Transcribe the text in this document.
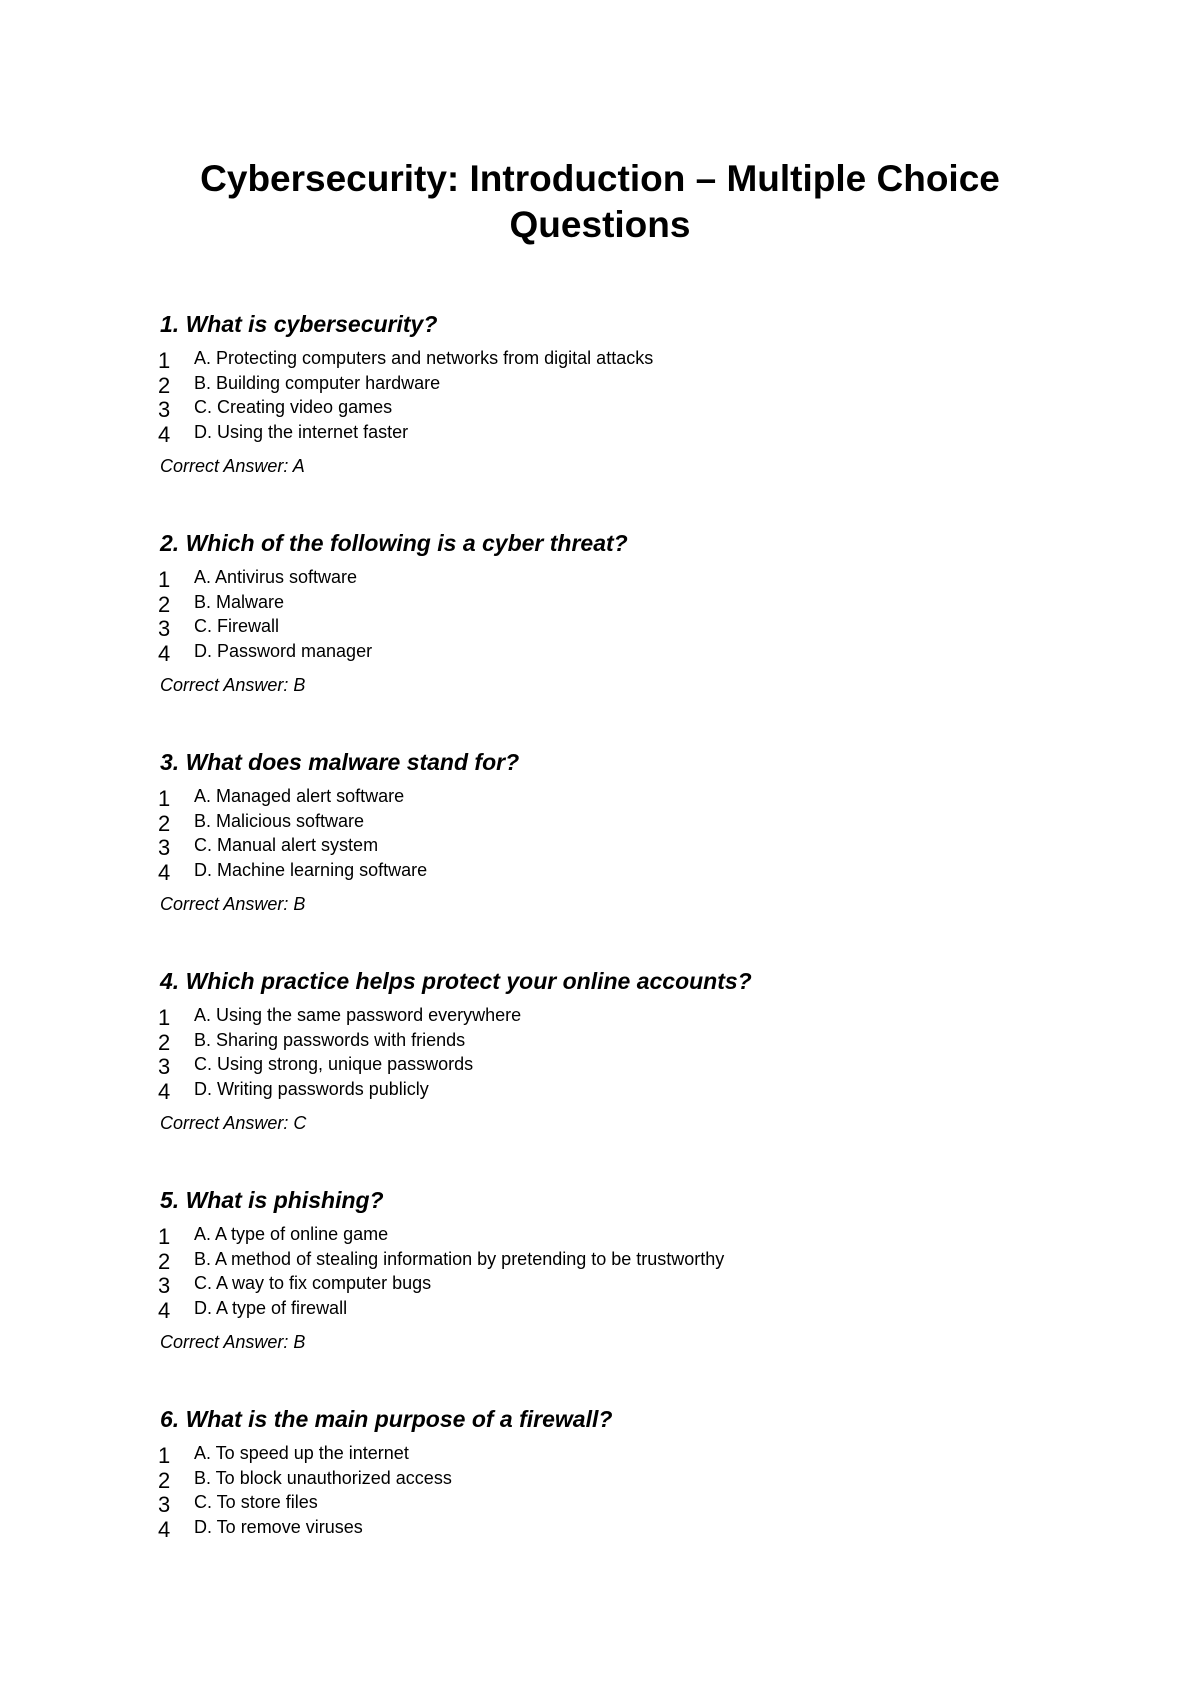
Cybersecurity: Introduction – Multiple Choice
Questions
1. What is cybersecurity?
1 A. Protecting computers and networks from digital attacks
2 B. Building computer hardware
3 C. Creating video games
4 D. Using the internet faster

Correct Answer: A

2. Which of the following is a cyber threat?
1 A. Antivirus software
2 B. Malware
3 C. Firewall
4 D. Password manager

Correct Answer: B

3. What does malware stand for?
1 A. Managed alert software
2 B. Malicious software
3 C. Manual alert system
4 D. Machine learning software

Correct Answer: B

4. Which practice helps protect your online accounts?
1 A. Using the same password everywhere
2 B. Sharing passwords with friends
3 C. Using strong, unique passwords
4 D. Writing passwords publicly

Correct Answer: C

5. What is phishing?
1 A. A type of online game
2 B. A method of stealing information by pretending to be trustworthy
3 C. A way to fix computer bugs
4 D. A type of firewall

Correct Answer: B

6. What is the main purpose of a firewall?
1 A. To speed up the internet
2 B. To block unauthorized access
3 C. To store files
4 D. To remove viruses
